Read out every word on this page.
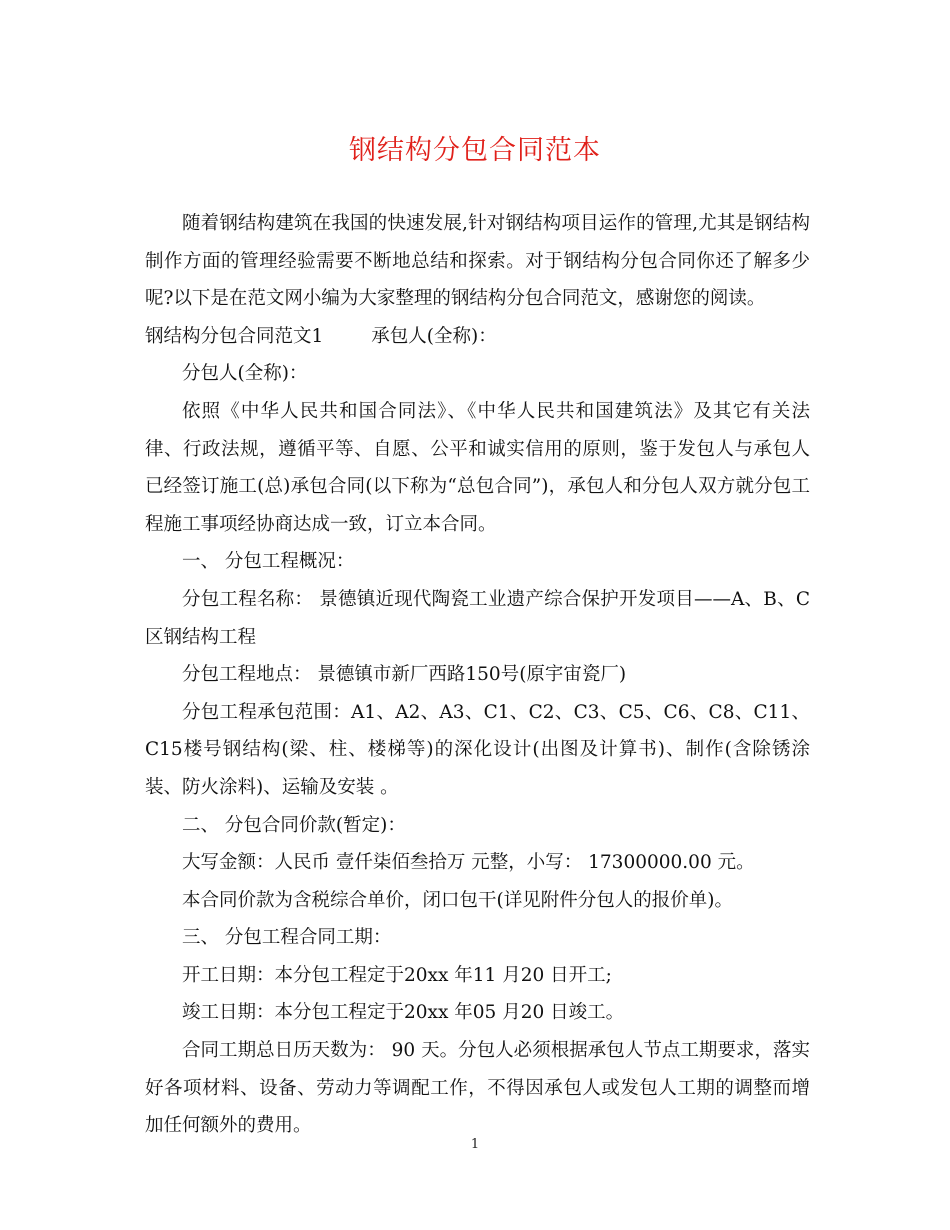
钢结构分包合同范本

随着钢结构建筑在我国的快速发展,针对钢结构项目运作的管理,尤其是钢结构制作方面的管理经验需要不断地总结和探索。对于钢结构分包合同你还了解多少呢?以下是在范文网小编为大家整理的钢结构分包合同范文，感谢您的阅读。

钢结构分包合同范文1	承包人(全称)：

分包人(全称)：

依照《中华人民共和国合同法》、《中华人民共和国建筑法》及其它有关法律、行政法规，遵循平等、自愿、公平和诚实信用的原则，鉴于发包人与承包人已经签订施工(总)承包合同(以下称为“总包合同”)，承包人和分包人双方就分包工程施工事项经协商达成一致，订立本合同。

一、 分包工程概况：

分包工程名称： 景德镇近现代陶瓷工业遗产综合保护开发项目——A、B、C区钢结构工程

分包工程地点： 景德镇市新厂西路150号(原宇宙瓷厂)

分包工程承包范围：A1、A2、A3、C1、C2、C3、C5、C6、C8、C11、C15楼号钢结构(梁、柱、楼梯等)的深化设计(出图及计算书)、制作(含除锈涂装、防火涂料)、运输及安装 。

二、 分包合同价款(暂定)：

大写金额：人民币 壹仟柒佰叁拾万 元整，小写： 17300000.00 元。

本合同价款为含税综合单价，闭口包干(详见附件分包人的报价单)。

三、 分包工程合同工期：

开工日期：本分包工程定于20xx 年11 月20 日开工;

竣工日期：本分包工程定于20xx 年05 月20 日竣工。

合同工期总日历天数为： 90 天。分包人必须根据承包人节点工期要求，落实好各项材料、设备、劳动力等调配工作，不得因承包人或发包人工期的调整而增加任何额外的费用。

1
